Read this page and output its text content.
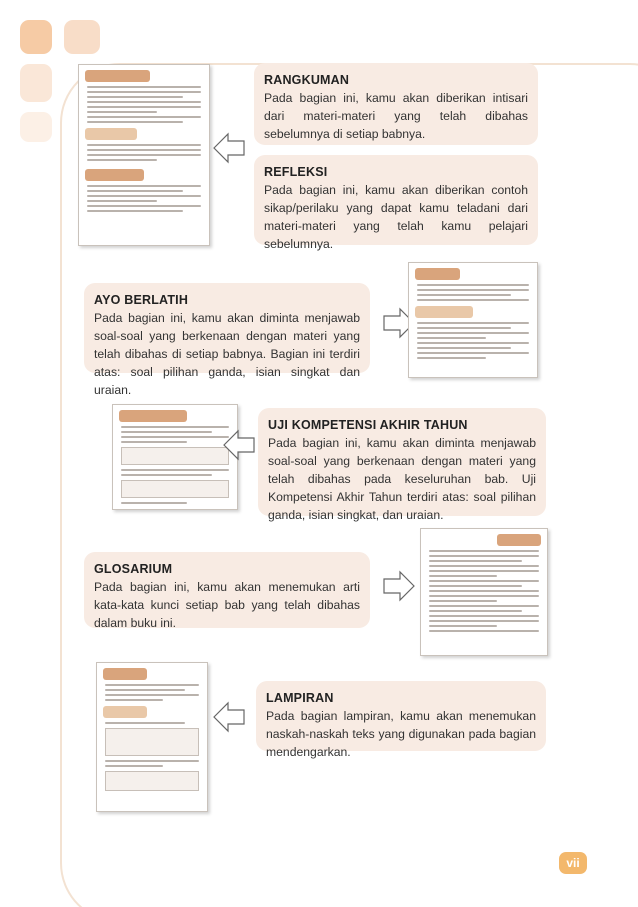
RANGKUMAN
Pada bagian ini, kamu akan diberikan intisari dari materi-materi yang telah dibahas sebelumnya di setiap babnya.
REFLEKSI
Pada bagian ini, kamu akan diberikan contoh sikap/perilaku yang dapat kamu teladani dari materi-materi yang telah kamu pelajari sebelumnya.
AYO BERLATIH
Pada bagian ini, kamu akan diminta menjawab soal-soal yang berkenaan dengan materi yang telah dibahas di setiap babnya. Bagian ini terdiri atas: soal pilihan ganda, isian singkat dan uraian.
UJI KOMPETENSI AKHIR TAHUN
Pada bagian ini, kamu akan diminta menjawab soal-soal yang berkenaan dengan materi yang telah dibahas pada keseluruhan bab. Uji Kompetensi Akhir Tahun terdiri atas: soal pilihan ganda, isian singkat, dan uraian.
GLOSARIUM
Pada bagian ini, kamu akan menemukan arti kata-kata kunci setiap bab yang telah dibahas dalam buku ini.
LAMPIRAN
Pada bagian lampiran, kamu akan menemukan naskah-naskah teks yang digunakan pada bagian mendengarkan.
vii
